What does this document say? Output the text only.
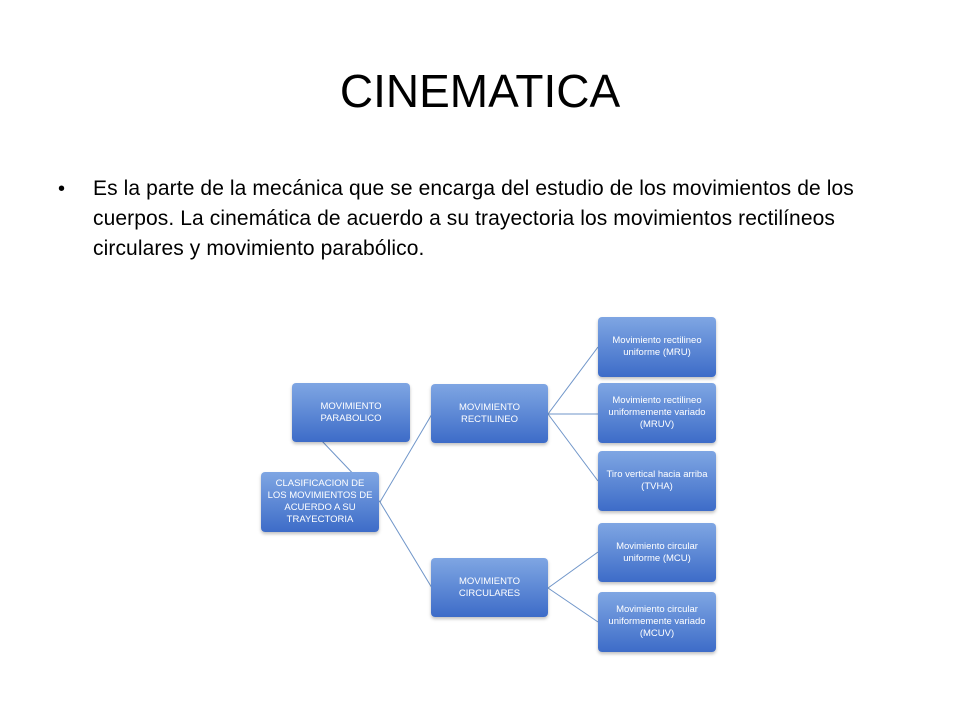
CINEMATICA
• Es la parte de la mecánica que se encarga del estudio de los movimientos de los cuerpos. La cinemática de acuerdo a su trayectoria los movimientos rectilíneos circulares y movimiento parabólico.
CLASIFICACION DE LOS MOVIMIENTOS DE ACUERDO A SU TRAYECTORIA
MOVIMIENTO PARABOLICO
MOVIMIENTO RECTILINEO
MOVIMIENTO CIRCULARES
Movimiento rectilineo uniforme (MRU)
Movimiento rectilineo uniformemente variado (MRUV)
Tiro vertical hacia arriba (TVHA)
Movimiento circular uniforme (MCU)
Movimiento circular uniformemente variado (MCUV)
